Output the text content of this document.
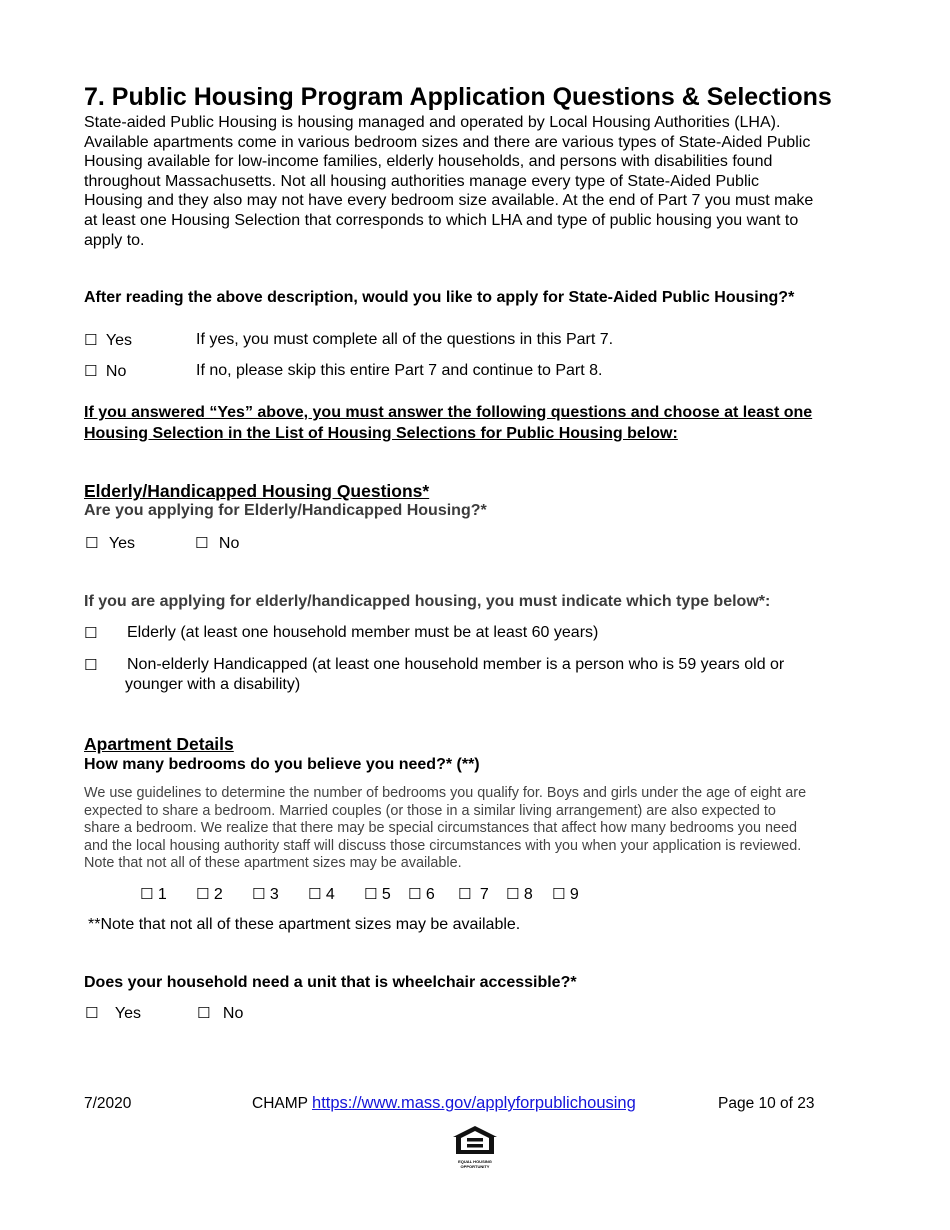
7. Public Housing Program Application Questions & Selections
State-aided Public Housing is housing managed and operated by Local Housing Authorities (LHA).
Available apartments come in various bedroom sizes and there are various types of State-Aided Public
Housing available for low-income families, elderly households, and persons with disabilities found
throughout Massachusetts. Not all housing authorities manage every type of State-Aided Public
Housing and they also may not have every bedroom size available. At the end of Part 7 you must make
at least one Housing Selection that corresponds to which LHA and type of public housing you want to
apply to.
After reading the above description, would you like to apply for State-Aided Public Housing?*
☐ Yes	If yes, you must complete all of the questions in this Part 7.
☐ No	If no, please skip this entire Part 7 and continue to Part 8.
If you answered “Yes” above, you must answer the following questions and choose at least one
Housing Selection in the List of Housing Selections for Public Housing below:
Elderly/Handicapped Housing Questions*
Are you applying for Elderly/Handicapped Housing?*
☐ Yes	☐ No
If you are applying for elderly/handicapped housing, you must indicate which type below*:
☐ Elderly (at least one household member must be at least 60 years)
☐ Non-elderly Handicapped (at least one household member is a person who is 59 years old or
younger with a disability)
Apartment Details
How many bedrooms do you believe you need?* (**)
We use guidelines to determine the number of bedrooms you qualify for. Boys and girls under the age of eight are
expected to share a bedroom. Married couples (or those in a similar living arrangement) are also expected to
share a bedroom. We realize that there may be special circumstances that affect how many bedrooms you need
and the local housing authority staff will discuss those circumstances with you when your application is reviewed.
Note that not all of these apartment sizes may be available.
☐ 1 ☐ 2 ☐ 3 ☐ 4 ☐ 5 ☐ 6 ☐ 7 ☐ 8 ☐ 9
**Note that not all of these apartment sizes may be available.
Does your household need a unit that is wheelchair accessible?*
☐ Yes	☐ No
7/2020	CHAMP https://www.mass.gov/applyforpublichousing	Page 10 of 23
EQUAL HOUSING
OPPORTUNITY
